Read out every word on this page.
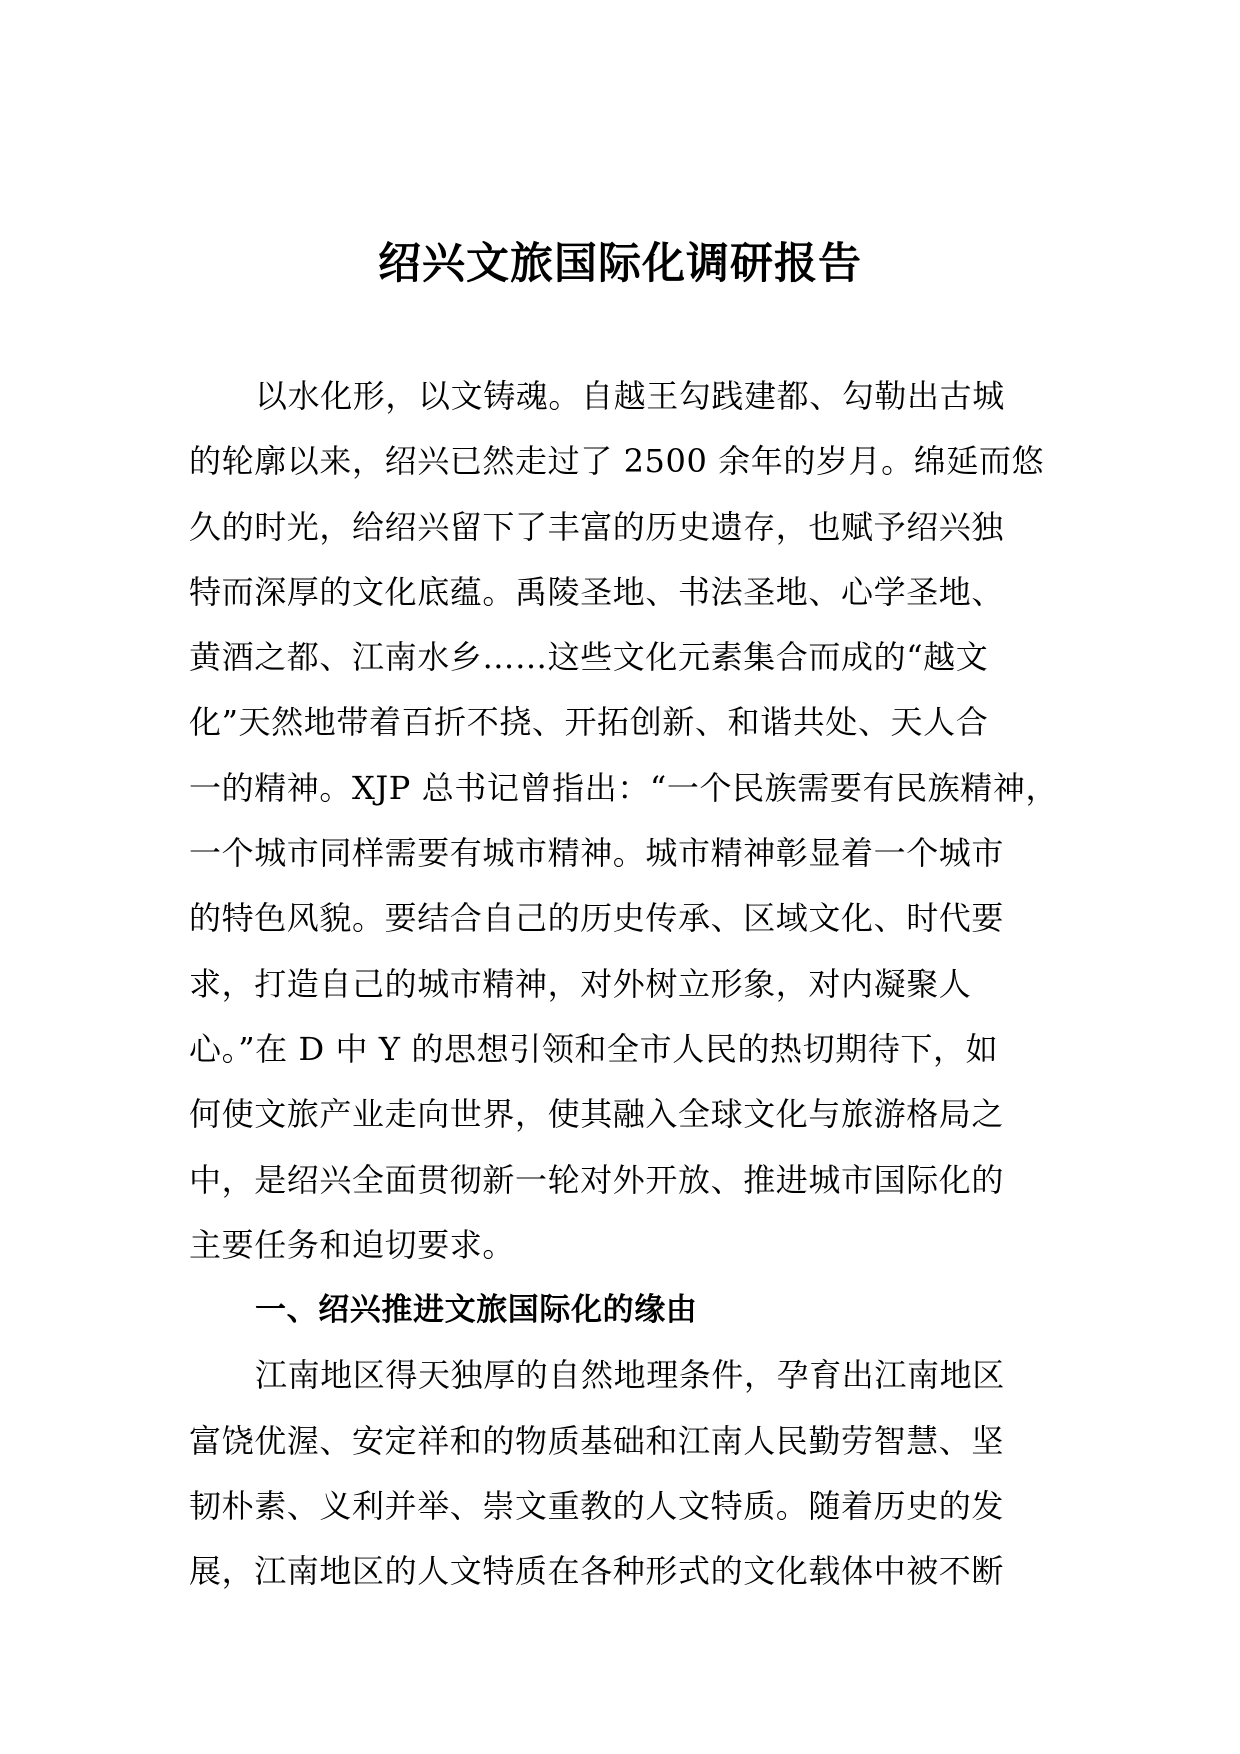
绍兴文旅国际化调研报告
以水化形，以文铸魂。自越王勾践建都、勾勒出古城
的轮廓以来，绍兴已然走过了 2500 余年的岁月。绵延而悠
久的时光，给绍兴留下了丰富的历史遗存，也赋予绍兴独
特而深厚的文化底蕴。禹陵圣地、书法圣地、心学圣地、
黄酒之都、江南水乡……这些文化元素集合而成的“越文
化”天然地带着百折不挠、开拓创新、和谐共处、天人合
一的精神。XJP 总书记曾指出：“一个民族需要有民族精神，
一个城市同样需要有城市精神。城市精神彰显着一个城市
的特色风貌。要结合自己的历史传承、区域文化、时代要
求，打造自己的城市精神，对外树立形象，对内凝聚人
心。”在 D 中 Y 的思想引领和全市人民的热切期待下，如
何使文旅产业走向世界，使其融入全球文化与旅游格局之
中，是绍兴全面贯彻新一轮对外开放、推进城市国际化的
主要任务和迫切要求。
一、绍兴推进文旅国际化的缘由
江南地区得天独厚的自然地理条件，孕育出江南地区
富饶优渥、安定祥和的物质基础和江南人民勤劳智慧、坚
韧朴素、义利并举、崇文重教的人文特质。随着历史的发
展，江南地区的人文特质在各种形式的文化载体中被不断
